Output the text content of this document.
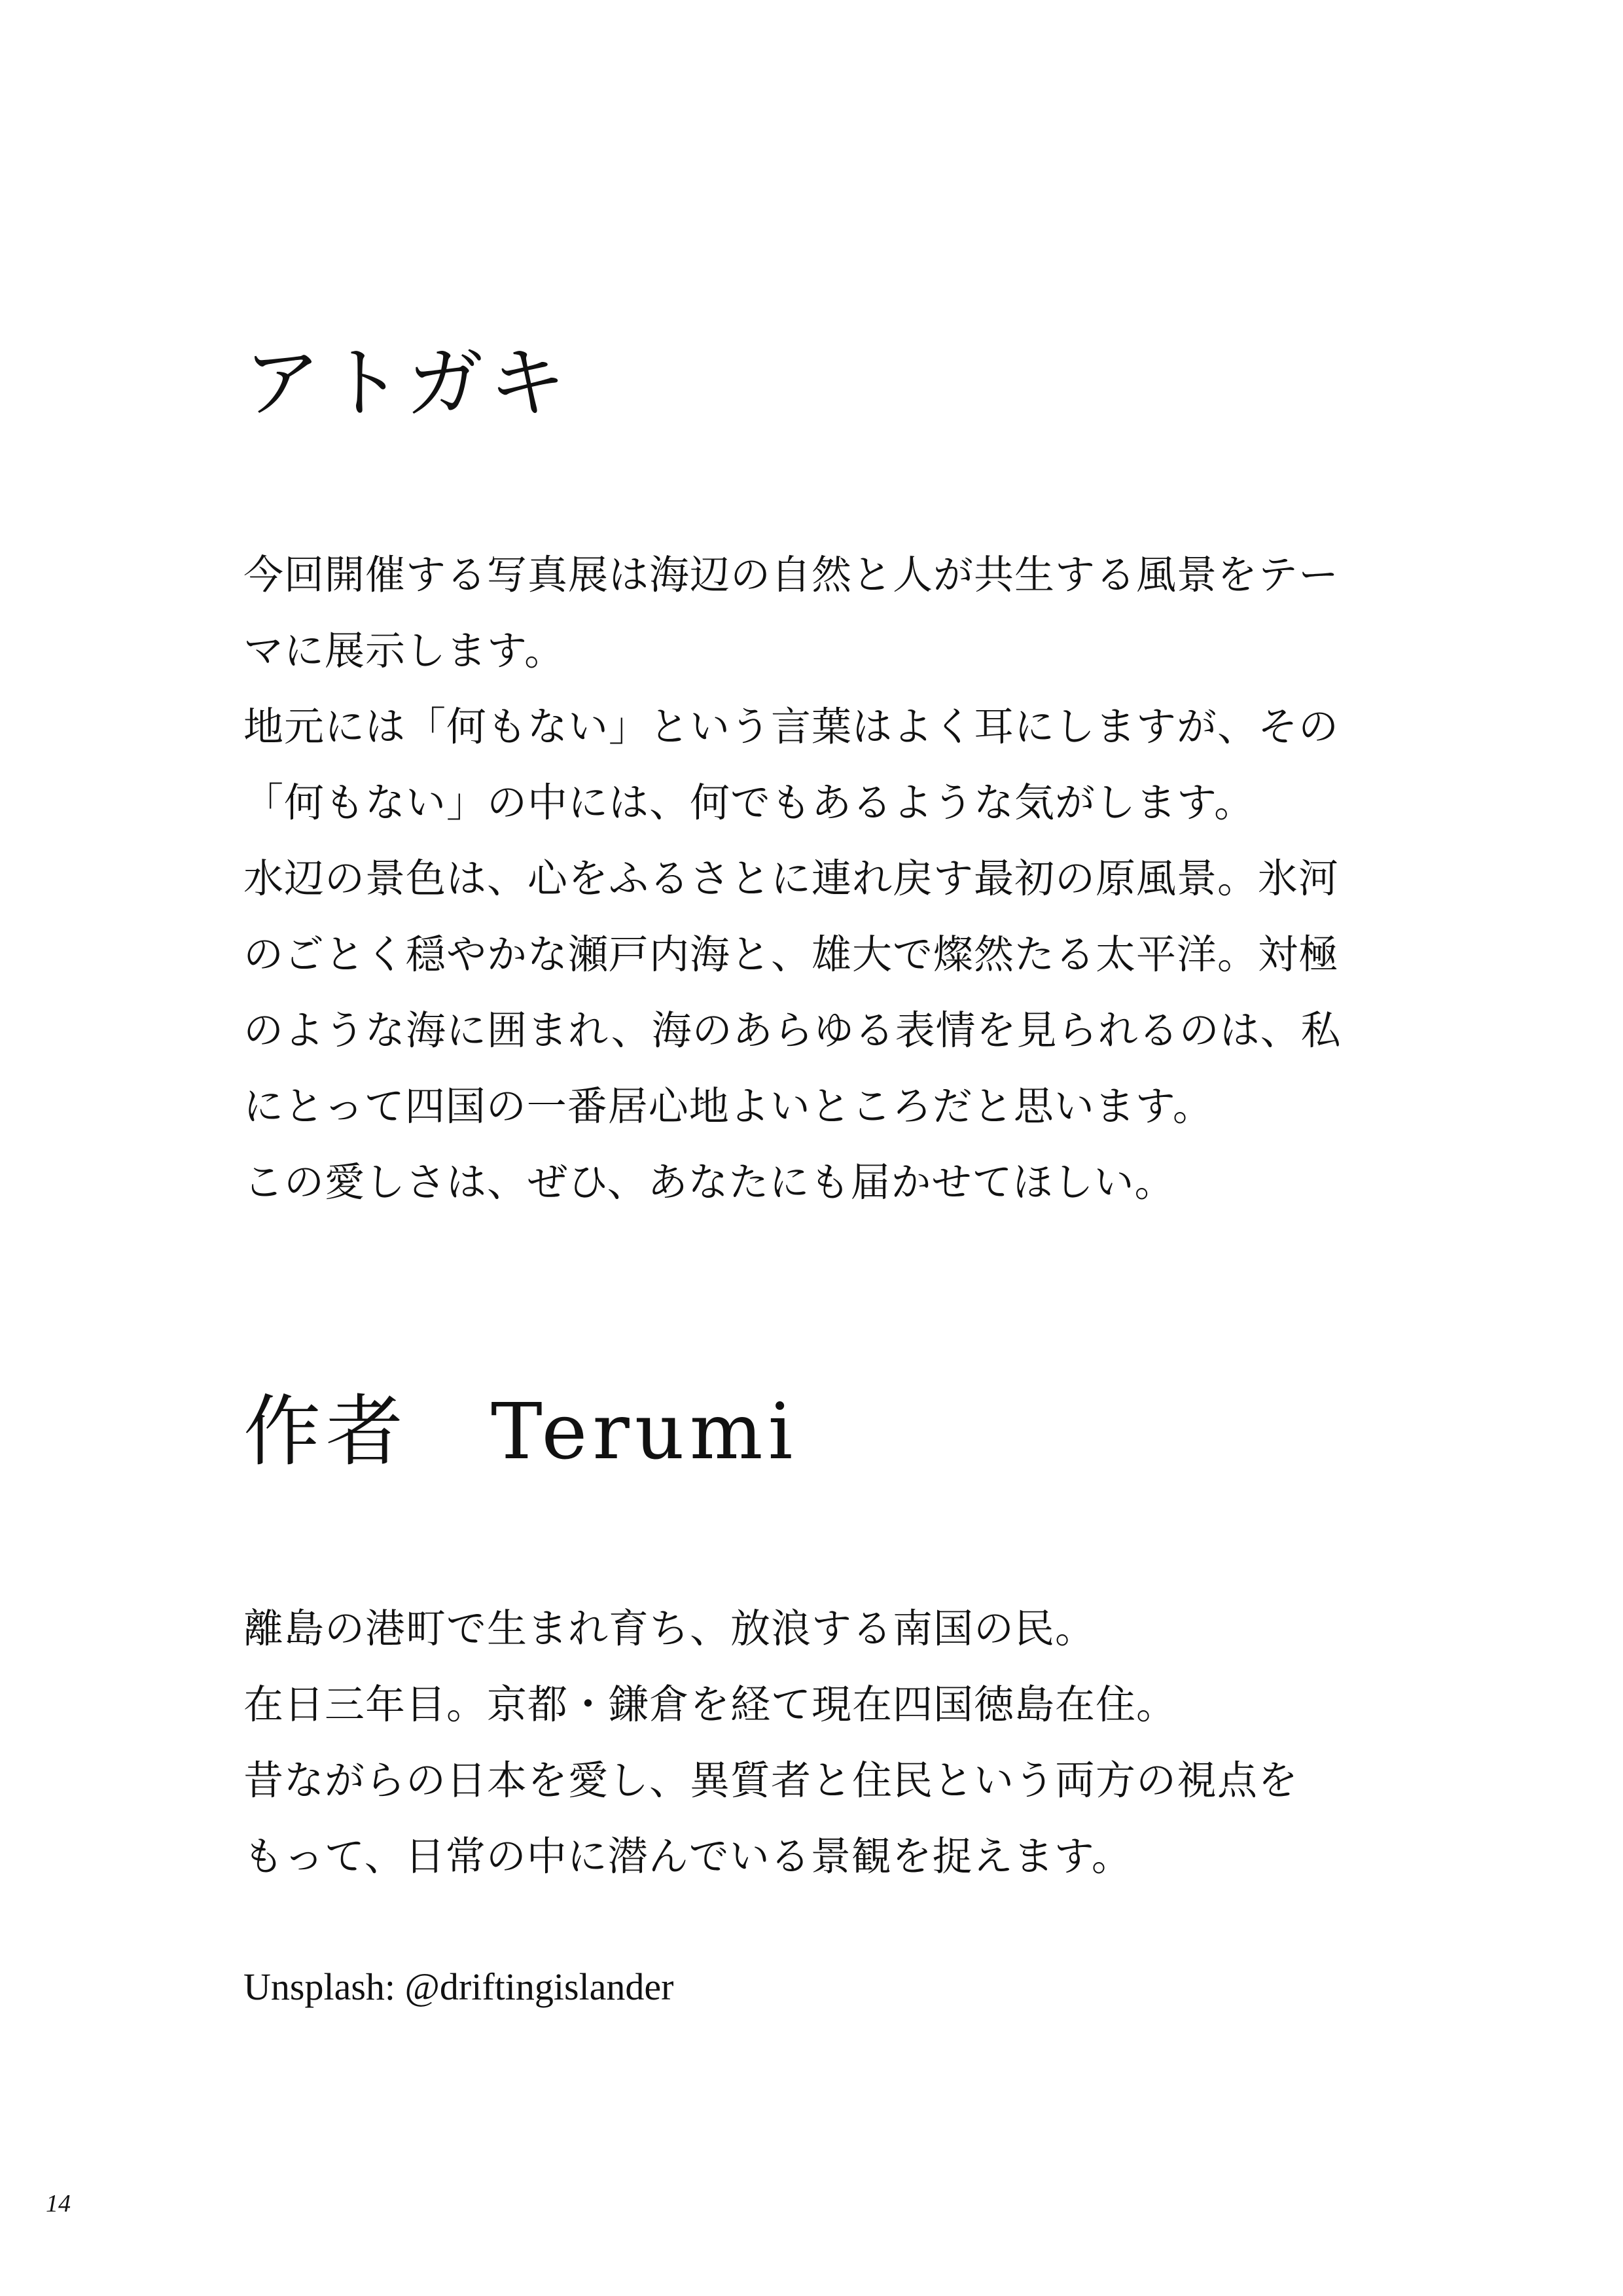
アトガキ
今回開催する写真展は海辺の自然と人が共生する風景をテー
マに展示します。
地元には「何もない」という言葉はよく耳にしますが、その
「何もない」の中には、何でもあるような気がします。
水辺の景色は、心をふるさとに連れ戻す最初の原風景。氷河
のごとく穏やかな瀬戸内海と、雄大で燦然たる太平洋。対極
のような海に囲まれ、海のあらゆる表情を見られるのは、私
にとって四国の一番居心地よいところだと思います。
この愛しさは、ぜひ、あなたにも届かせてほしい。
作者　Terumi
離島の港町で生まれ育ち、放浪する南国の民。
在日三年目。京都・鎌倉を経て現在四国徳島在住。
昔ながらの日本を愛し、異質者と住民という両方の視点を
もって、日常の中に潜んでいる景観を捉えます。
Unsplash: @driftingislander
14
